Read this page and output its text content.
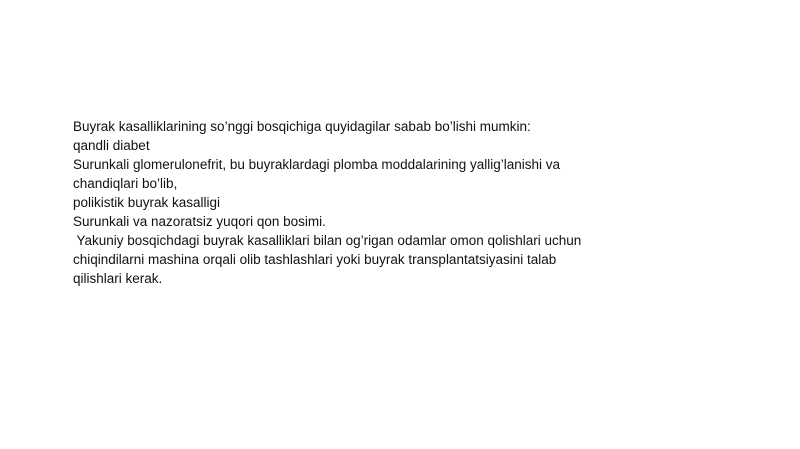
Buyrak kasalliklarining so’nggi bosqichiga quyidagilar sabab bo’lishi mumkin:
qandli diabet
Surunkali glomerulonefrit, bu buyraklardagi plomba moddalarining yallig’lanishi va
chandiqlari bo’lib,
polikistik buyrak kasalligi
Surunkali va nazoratsiz yuqori qon bosimi.
Yakuniy bosqichdagi buyrak kasalliklari bilan og’rigan odamlar omon qolishlari uchun
chiqindilarni mashina orqali olib tashlashlari yoki buyrak transplantatsiyasini talab
qilishlari kerak.
